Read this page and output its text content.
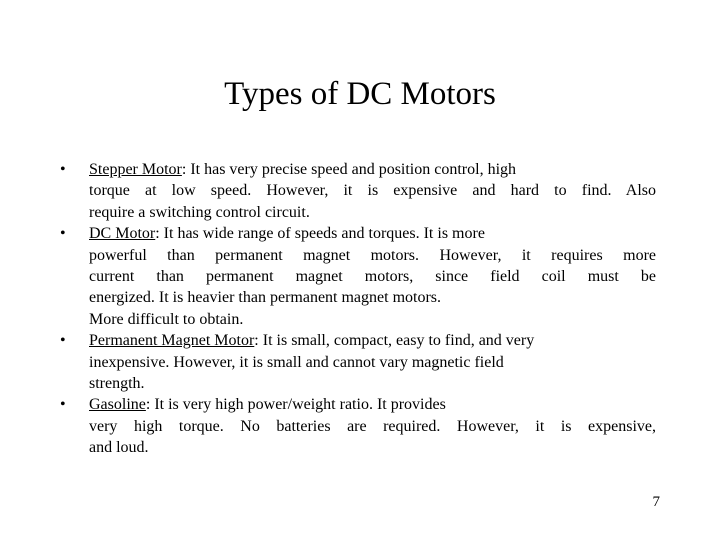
Types of DC Motors
•	Stepper Motor: It has very precise speed and position control, high
torque at low speed. However, it is expensive and hard to find. Also
require a switching control circuit.
•	DC Motor: It has wide range of speeds and torques. It is more
powerful than permanent magnet motors. However, it requires more
current than permanent magnet motors, since field coil must be
energized. It is heavier than permanent magnet motors.
More difficult to obtain.
•	Permanent Magnet Motor: It is small, compact, easy to find, and very
inexpensive. However, it is small and cannot vary magnetic field
strength.
•	Gasoline: It is very high power/weight ratio. It provides
very high torque. No batteries are required. However, it is expensive,
and loud.
7
